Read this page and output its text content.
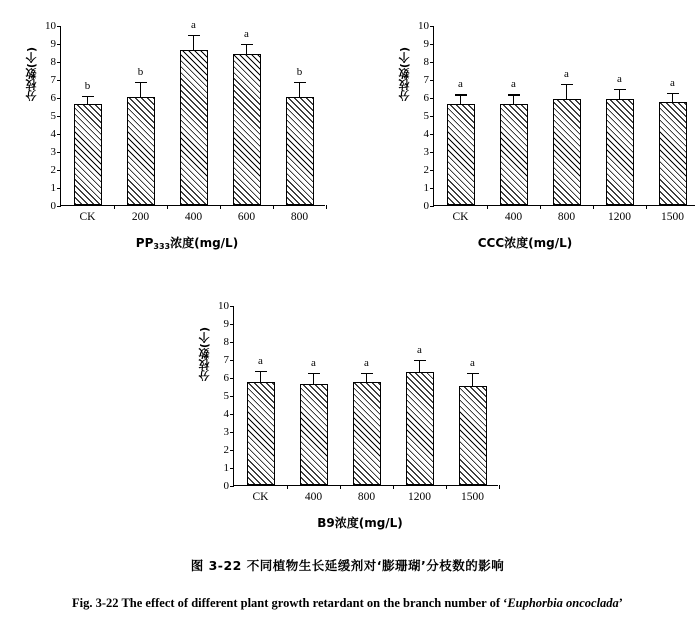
分枝数(个)
0
1
2
3
4
5
6
7
8
9
10
b
CK
b
200
a
400
a
600
b
800
$PP_{333}$浓度(mg/L)
分枝数(个)
0
1
2
3
4
5
6
7
8
9
10
a
CK
a
400
a
800
a
1200
a
1500
CCC浓度(mg/L)
分枝数(个)
0
1
2
3
4
5
6
7
8
9
10
a
CK
a
400
a
800
a
1200
a
1500
B9浓度(mg/L)
图 3-22 不同植物生长延缓剂对‘膨珊瑚’分枝数的影响
Fig. 3-22 The effect of different plant growth retardant on the branch number of ‘Euphorbia oncoclada’
